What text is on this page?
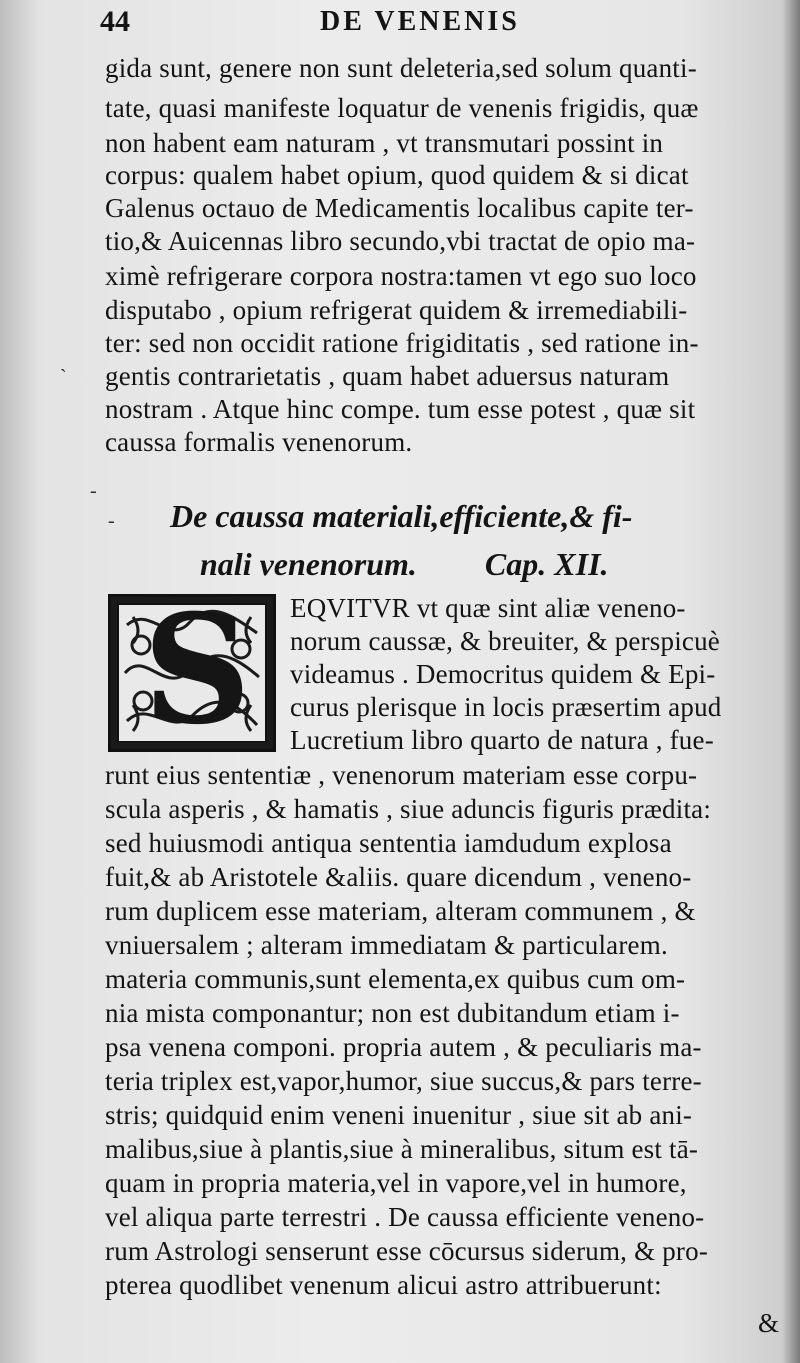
44	DE VENENIS
gida sunt, genere non sunt deleteria,sed solum quanti-
tate, quasi manifeste loquatur de venenis frigidis, quæ
non habent eam naturam , vt transmutari possint in
corpus: qualem habet opium, quod quidem & si dicat
Galenus octauo de Medicamentis localibus capite ter-
tio,& Auicennas libro secundo,vbi tractat de opio ma-
ximè refrigerare corpora nostra:tamen vt ego suo loco
disputabo , opium refrigerat quidem & irremediabili-
ter: sed non occidit ratione frigiditatis , sed ratione in-
gentis contrarietatis , quam habet aduersus naturam
nostram . Atque hinc compe. tum esse potest , quæ sit
caussa formalis venenorum.
De caussa materiali,efficiente,& fi-
nali venenorum. Cap. XII.
S EQVITVR vt quæ sint aliæ veneno-
norum caussæ, & breuiter, & perspicuè
videamus . Democritus quidem & Epi-
curus plerisque in locis præsertim apud
Lucretium libro quarto de natura , fue-
runt eius sententiæ , venenorum materiam esse corpu-
scula asperis , & hamatis , siue aduncis figuris prædita:
sed huiusmodi antiqua sententia iamdudum explosa
fuit,& ab Aristotele &aliis. quare dicendum , veneno-
rum duplicem esse materiam, alteram communem , &
vniuersalem ; alteram immediatam & particularem.
materia communis,sunt elementa,ex quibus cum om-
nia mista componantur; non est dubitandum etiam i-
psa venena componi. propria autem , & peculiaris ma-
teria triplex est,vapor,humor, siue succus,& pars terre-
stris; quidquid enim veneni inuenitur , siue sit ab ani-
malibus,siue à plantis,siue à mineralibus, situm est tā-
quam in propria materia,vel in vapore,vel in humore,
vel aliqua parte terrestri . De caussa efficiente veneno-
rum Astrologi senserunt esse cōcursus siderum, & pro-
pterea quodlibet venenum alicui astro attribuerunt:
&
ˋ
-
-
